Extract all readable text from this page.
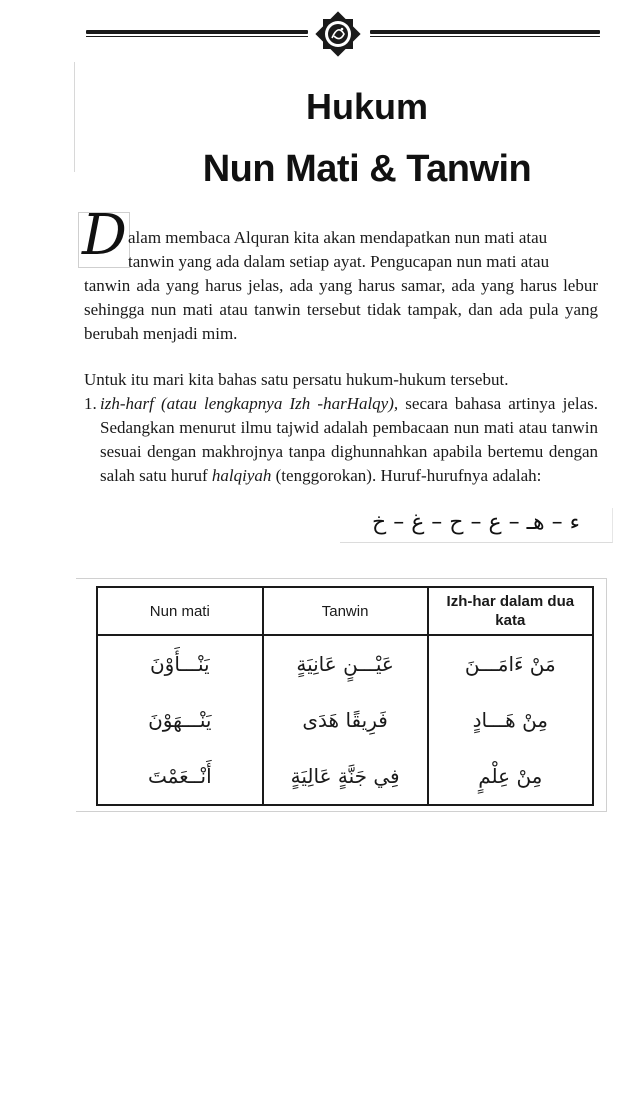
Hukum
Nun Mati & Tanwin
D alam membaca Alquran kita akan mendapatkan nun mati atau
tanwin yang ada dalam setiap ayat. Pengucapan nun mati atau
tanwin ada yang harus jelas, ada yang harus samar, ada yang harus lebur sehingga nun mati atau tanwin tersebut tidak tampak, dan ada pula yang berubah menjadi mim.
Untuk itu mari kita bahas satu persatu hukum-hukum tersebut.
1. izh-harf (atau lengkapnya Izh -harHalqy), secara bahasa artinya jelas. Sedangkan menurut ilmu tajwid adalah pembacaan nun mati atau tanwin sesuai dengan makhrojnya tanpa dighunnahkan apabila bertemu dengan salah satu huruf halqiyah (tenggorokan). Huruf-hurufnya adalah:
ء – هـ – ع – ح – غ – خ
Nun mati	Tanwin	Izh-har dalam dua kata
يَنْـــأَوْنَ	عَيْـــنٍ عَانِيَةٍ	مَنْ ءَامَـــنَ
يَنْـــهَوْنَ	فَرِيقًا هَدَى	مِنْ هَـــادٍ
أَنْــعَمْتَ	فِي جَنَّةٍ عَالِيَةٍ	مِنْ عِلْمٍ
